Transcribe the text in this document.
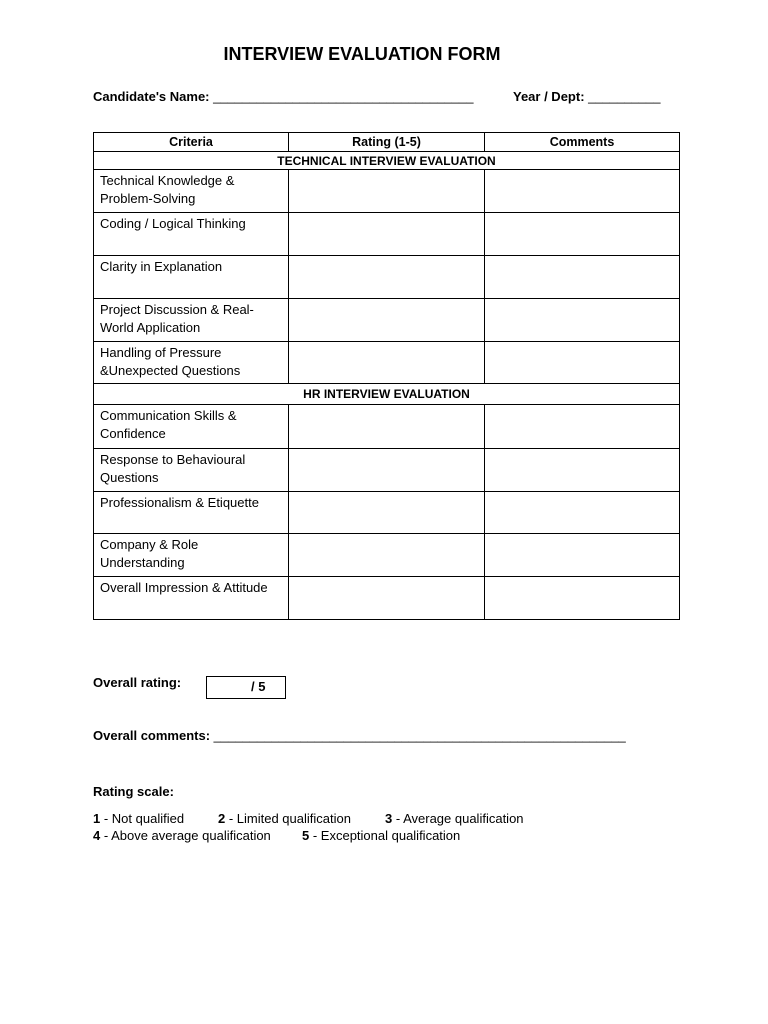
INTERVIEW EVALUATION FORM
Candidate's Name: ____________________________________	Year / Dept: __________
Criteria	Rating (1-5)	Comments
TECHNICAL INTERVIEW EVALUATION		
Technical Knowledge & Problem-Solving		
Coding / Logical Thinking		
Clarity in Explanation		
Project Discussion & Real-World Application		
Handling of Pressure &Unexpected Questions		
HR INTERVIEW EVALUATION		
Communication Skills & Confidence		
Response to Behavioural Questions		
Professionalism & Etiquette		
Company & Role Understanding		
Overall Impression & Attitude		
Overall rating:	/ 5
Overall comments: _________________________________________________________
Rating scale:
1 - Not qualified	2 - Limited qualification	3 - Average qualification
4 - Above average qualification 5 - Exceptional qualification
